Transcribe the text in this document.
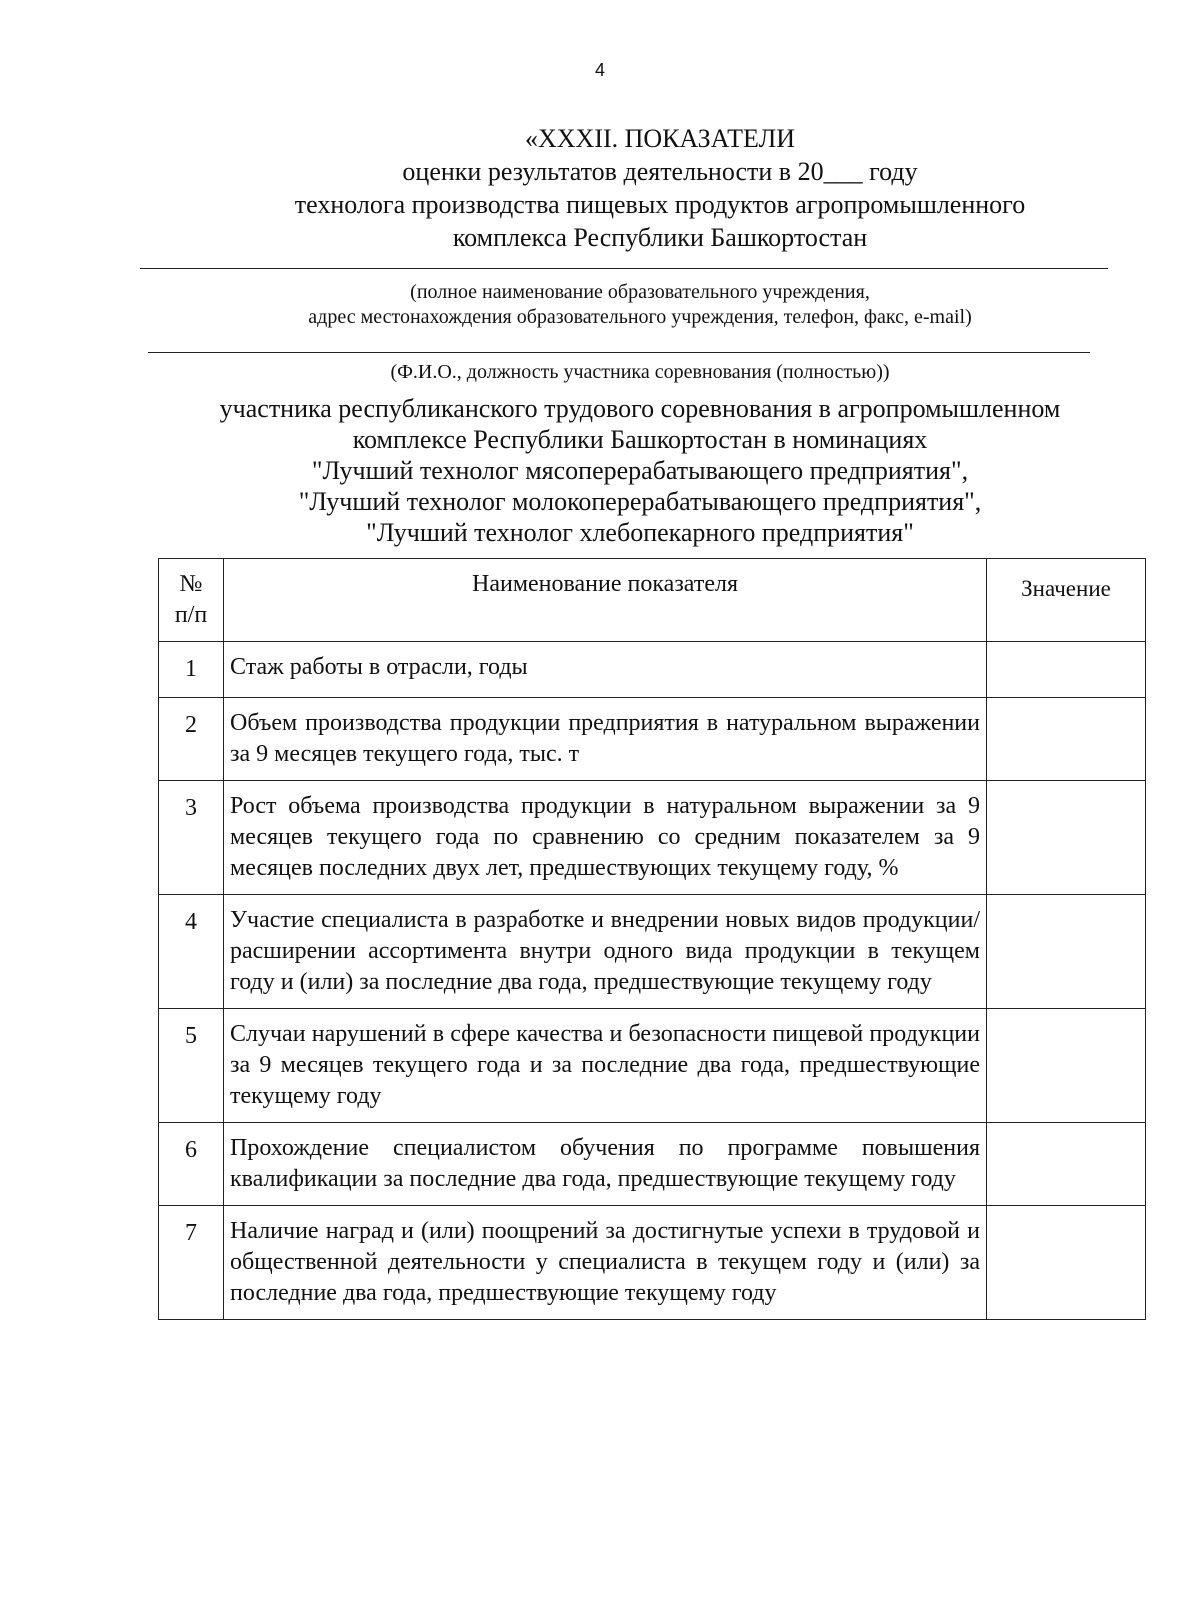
4
«XXXII. ПОКАЗАТЕЛИ
оценки результатов деятельности в 20___ году
технолога производства пищевых продуктов агропромышленного
комплекса Республики Башкортостан
(полное наименование образовательного учреждения,
адрес местонахождения образовательного учреждения, телефон, факс, e-mail)
(Ф.И.О., должность участника соревнования (полностью))
участника республиканского трудового соревнования в агропромышленном
комплексе Республики Башкортостан в номинациях
"Лучший технолог мясоперерабатывающего предприятия",
"Лучший технолог молокоперерабатывающего предприятия",
"Лучший технолог хлебопекарного предприятия"
№
п/п	Наименование показателя	Значение
1	Стаж работы в отрасли, годы	
2	Объем производства продукции предприятия в натуральном выражении за 9 месяцев текущего года, тыс. т	
3	Рост объема производства продукции в натуральном выражении за 9 месяцев текущего года по сравнению со средним показателем за 9 месяцев последних двух лет, предшествующих текущему году, %	
4	Участие специалиста в разработке и внедрении новых видов продукции/расширении ассортимента внутри одного вида продукции в текущем году и (или) за последние два года, предшествующие текущему году	
5	Случаи нарушений в сфере качества и безопасности пищевой продукции за 9 месяцев текущего года и за последние два года, предшествующие текущему году	
6	Прохождение специалистом обучения по программе повышения квалификации за последние два года, предшествующие текущему году	
7	Наличие наград и (или) поощрений за достигнутые успехи в трудовой и общественной деятельности у специалиста в текущем году и (или) за последние два года, предшествующие текущему году	
